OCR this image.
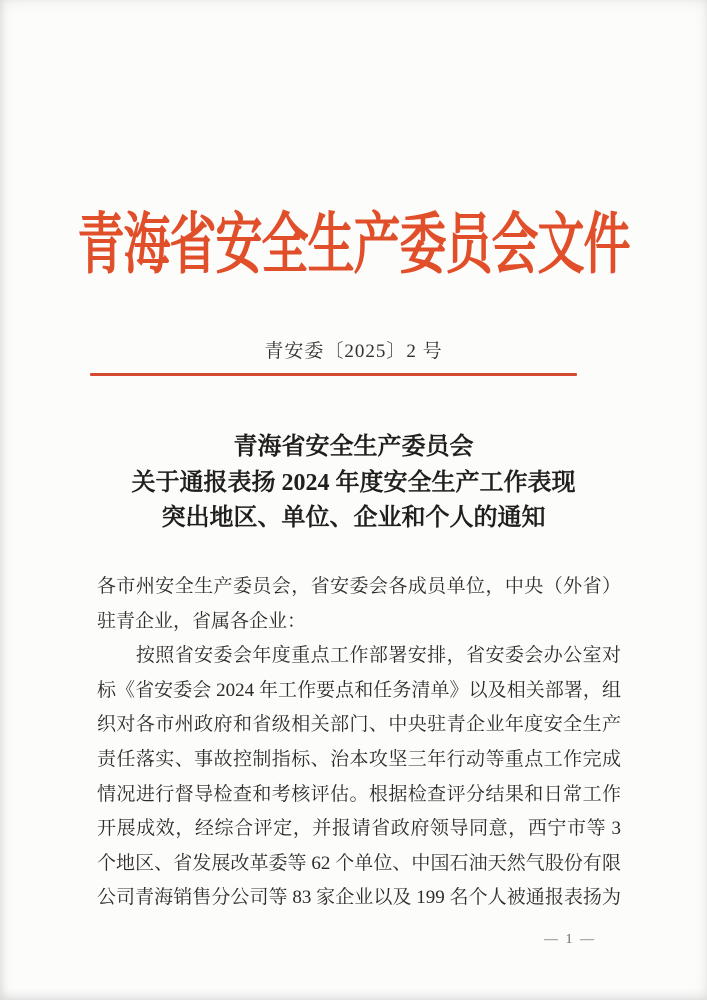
青海省安全生产委员会文件
青安委〔2025〕2 号
青海省安全生产委员会
关于通报表扬 2024 年度安全生产工作表现
突出地区、单位、企业和个人的通知
各市州安全生产委员会，省安委会各成员单位，中央（外省）
驻青企业，省属各企业：
　　按照省安委会年度重点工作部署安排，省安委会办公室对
标《省安委会 2024 年工作要点和任务清单》以及相关部署，组
织对各市州政府和省级相关部门、中央驻青企业年度安全生产
责任落实、事故控制指标、治本攻坚三年行动等重点工作完成
情况进行督导检查和考核评估。根据检查评分结果和日常工作
开展成效，经综合评定，并报请省政府领导同意，西宁市等 3
个地区、省发展改革委等 62 个单位、中国石油天然气股份有限
公司青海销售分公司等 83 家企业以及 199 名个人被通报表扬为
— 1 —
